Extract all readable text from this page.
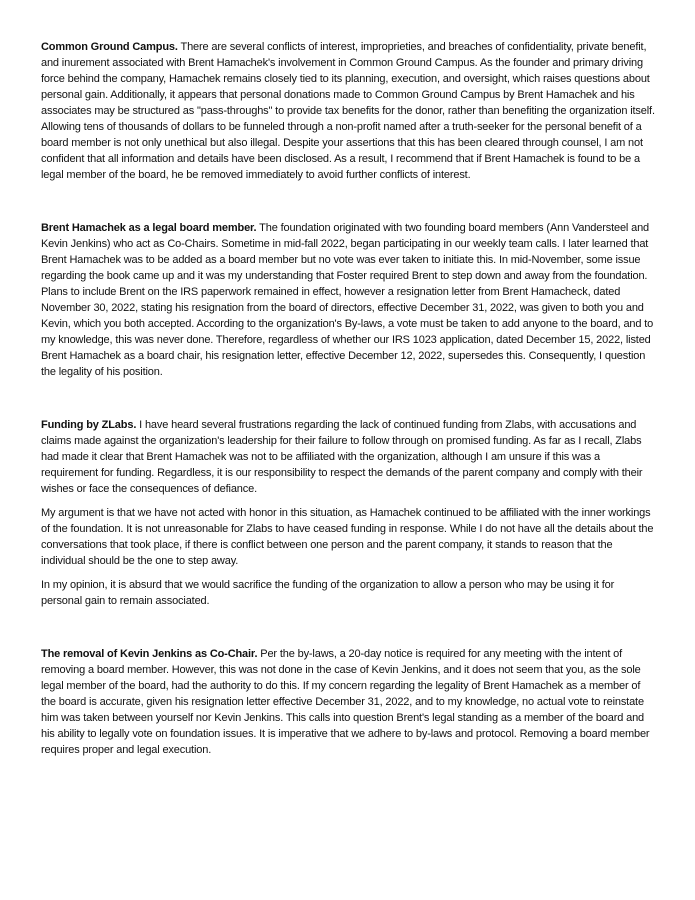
Common Ground Campus. There are several conflicts of interest, improprieties, and breaches of confidentiality, private benefit, and inurement associated with Brent Hamachek's involvement in Common Ground Campus. As the founder and primary driving force behind the company, Hamachek remains closely tied to its planning, execution, and oversight, which raises questions about personal gain. Additionally, it appears that personal donations made to Common Ground Campus by Brent Hamachek and his associates may be structured as "pass-throughs" to provide tax benefits for the donor, rather than benefiting the organization itself. Allowing tens of thousands of dollars to be funneled through a non-profit named after a truth-seeker for the personal benefit of a board member is not only unethical but also illegal. Despite your assertions that this has been cleared through counsel, I am not confident that all information and details have been disclosed. As a result, I recommend that if Brent Hamachek is found to be a legal member of the board, he be removed immediately to avoid further conflicts of interest.

Brent Hamachek as a legal board member. The foundation originated with two founding board members (Ann Vandersteel and Kevin Jenkins) who act as Co-Chairs. Sometime in mid-fall 2022, began participating in our weekly team calls. I later learned that Brent Hamachek was to be added as a board member but no vote was ever taken to initiate this. In mid-November, some issue regarding the book came up and it was my understanding that Foster required Brent to step down and away from the foundation. Plans to include Brent on the IRS paperwork remained in effect, however a resignation letter from Brent Hamacheck, dated November 30, 2022, stating his resignation from the board of directors, effective December 31, 2022, was given to both you and Kevin, which you both accepted. According to the organization's By-laws, a vote must be taken to add anyone to the board, and to my knowledge, this was never done. Therefore, regardless of whether our IRS 1023 application, dated December 15, 2022, listed Brent Hamachek as a board chair, his resignation letter, effective December 12, 2022, supersedes this. Consequently, I question the legality of his position.

Funding by ZLabs. I have heard several frustrations regarding the lack of continued funding from Zlabs, with accusations and claims made against the organization's leadership for their failure to follow through on promised funding. As far as I recall, Zlabs had made it clear that Brent Hamachek was not to be affiliated with the organization, although I am unsure if this was a requirement for funding. Regardless, it is our responsibility to respect the demands of the parent company and comply with their wishes or face the consequences of defiance.

My argument is that we have not acted with honor in this situation, as Hamachek continued to be affiliated with the inner workings of the foundation. It is not unreasonable for Zlabs to have ceased funding in response. While I do not have all the details about the conversations that took place, if there is conflict between one person and the parent company, it stands to reason that the individual should be the one to step away.

In my opinion, it is absurd that we would sacrifice the funding of the organization to allow a person who may be using it for personal gain to remain associated.

The removal of Kevin Jenkins as Co-Chair. Per the by-laws, a 20-day notice is required for any meeting with the intent of removing a board member. However, this was not done in the case of Kevin Jenkins, and it does not seem that you, as the sole legal member of the board, had the authority to do this. If my concern regarding the legality of Brent Hamachek as a member of the board is accurate, given his resignation letter effective December 31, 2022, and to my knowledge, no actual vote to reinstate him was taken between yourself nor Kevin Jenkins. This calls into question Brent's legal standing as a member of the board and his ability to legally vote on foundation issues. It is imperative that we adhere to by-laws and protocol. Removing a board member requires proper and legal execution.
